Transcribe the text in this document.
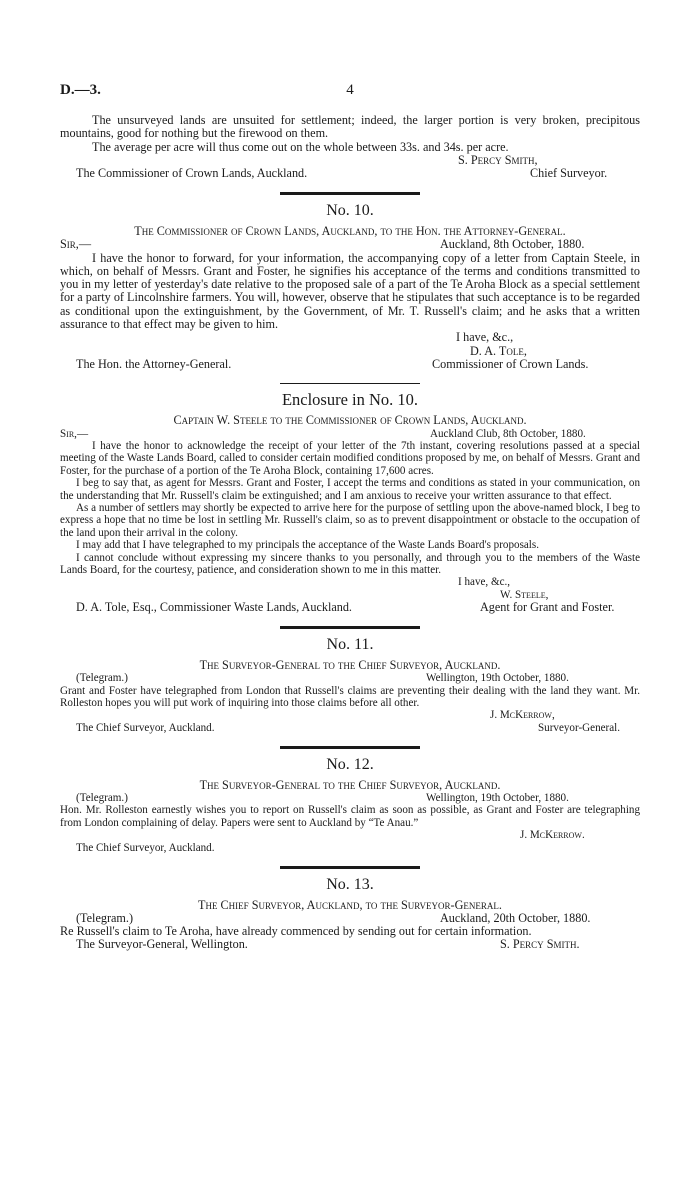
D.—3.	4

The unsurveyed lands are unsuited for settlement; indeed, the larger portion is very broken, precipitous mountains, good for nothing but the firewood on them.

The average per acre will thus come out on the whole between 33s. and 34s. per acre.

S. Percy Smith,
The Commissioner of Crown Lands, Auckland.	Chief Surveyor.
No. 10.

The Commissioner of Crown Lands, Auckland, to the Hon. the Attorney-General.

Sir,—	Auckland, 8th October, 1880.

I have the honor to forward, for your information, the accompanying copy of a letter from Captain Steele, in which, on behalf of Messrs. Grant and Foster, he signifies his acceptance of the terms and conditions transmitted to you in my letter of yesterday's date relative to the proposed sale of a part of the Te Aroha Block as a special settlement for a party of Lincolnshire farmers. You will, however, observe that he stipulates that such acceptance is to be regarded as conditional upon the extinguishment, by the Government, of Mr. T. Russell's claim; and he asks that a written assurance to that effect may be given to him.

I have, &c.,
D. A. Tole,
The Hon. the Attorney-General.	Commissioner of Crown Lands.
Enclosure in No. 10.

Captain W. Steele to the Commissioner of Crown Lands, Auckland.

Sir,—	Auckland Club, 8th October, 1880.

I have the honor to acknowledge the receipt of your letter of the 7th instant, covering resolutions passed at a special meeting of the Waste Lands Board, called to consider certain modified conditions proposed by me, on behalf of Messrs. Grant and Foster, for the purchase of a portion of the Te Aroha Block, containing 17,600 acres.

I beg to say that, as agent for Messrs. Grant and Foster, I accept the terms and conditions as stated in your communication, on the understanding that Mr. Russell's claim be extinguished; and I am anxious to receive your written assurance to that effect.

As a number of settlers may shortly be expected to arrive here for the purpose of settling upon the above-named block, I beg to express a hope that no time be lost in settling Mr. Russell's claim, so as to prevent disappointment or obstacle to the occupation of the land upon their arrival in the colony.

I may add that I have telegraphed to my principals the acceptance of the Waste Lands Board's proposals.

I cannot conclude without expressing my sincere thanks to you personally, and through you to the members of the Waste Lands Board, for the courtesy, patience, and consideration shown to me in this matter.

I have, &c.,
W. Steele,
D. A. Tole, Esq., Commissioner Waste Lands, Auckland.	Agent for Grant and Foster.
No. 11.

The Surveyor-General to the Chief Surveyor, Auckland.

(Telegram.)	Wellington, 19th October, 1880.

Grant and Foster have telegraphed from London that Russell's claims are preventing their dealing with the land they want. Mr. Rolleston hopes you will put work of inquiring into those claims before all other.

J. McKerrow,
The Chief Surveyor, Auckland.	Surveyor-General.
No. 12.

The Surveyor-General to the Chief Surveyor, Auckland.

(Telegram.)	Wellington, 19th October, 1880.

Hon. Mr. Rolleston earnestly wishes you to report on Russell's claim as soon as possible, as Grant and Foster are telegraphing from London complaining of delay. Papers were sent to Auckland by “Te Anau.”

J. McKerrow.
The Chief Surveyor, Auckland.
No. 13.

The Chief Surveyor, Auckland, to the Surveyor-General.

(Telegram.)	Auckland, 20th October, 1880.

Re Russell's claim to Te Aroha, have already commenced by sending out for certain information.

The Surveyor-General, Wellington.	S. Percy Smith.
